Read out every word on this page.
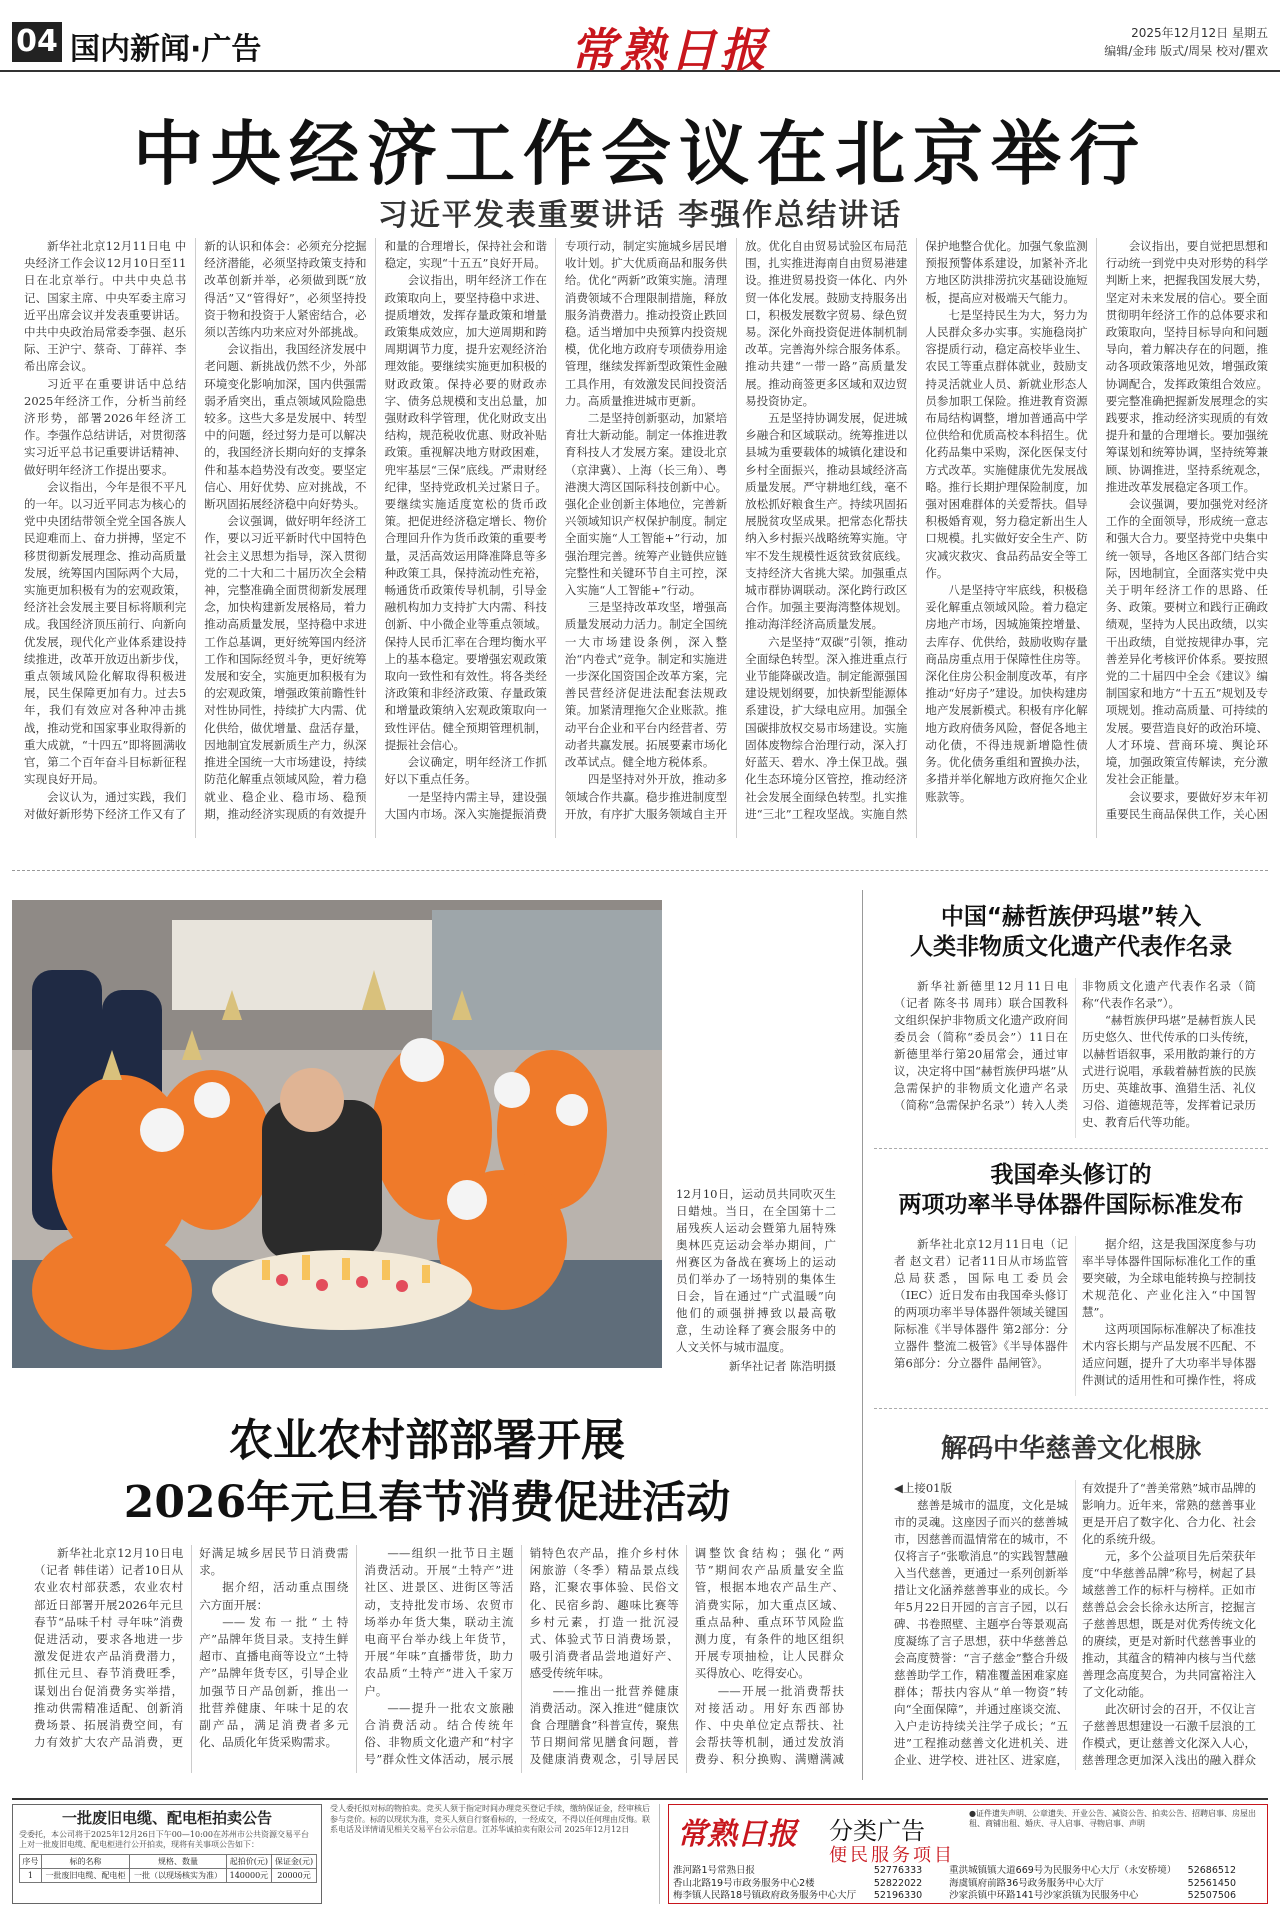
04 国内新闻·广告	常熟日报	2025年12月12日 星期五
编辑/金玮 版式/周杲 校对/瞿欢
中央经济工作会议在北京举行
习近平发表重要讲话 李强作总结讲话

新华社北京12月11日电 中央经济工作会议12月10日至11日在北京举行。中共中央总书记、国家主席、中央军委主席习近平出席会议并发表重要讲话。中共中央政治局常委李强、赵乐际、王沪宁、蔡奇、丁薛祥、李希出席会议。

习近平在重要讲话中总结2025年经济工作，分析当前经济形势，部署2026年经济工作。李强作总结讲话，对贯彻落实习近平总书记重要讲话精神、做好明年经济工作提出要求。

会议指出，今年是很不平凡的一年。以习近平同志为核心的党中央团结带领全党全国各族人民迎难而上、奋力拼搏，坚定不移贯彻新发展理念、推动高质量发展，统筹国内国际两个大局，实施更加积极有为的宏观政策，经济社会发展主要目标将顺利完成。我国经济顶压前行、向新向优发展，现代化产业体系建设持续推进，改革开放迈出新步伐，重点领域风险化解取得积极进展，民生保障更加有力。过去5年，我们有效应对各种冲击挑战，推动党和国家事业取得新的重大成就，“十四五”即将圆满收官，第二个百年奋斗目标新征程实现良好开局。

会议认为，通过实践，我们对做好新形势下经济工作又有了新的认识和体会：必须充分挖掘经济潜能，必须坚持政策支持和改革创新并举，必须做到既“放得活”又“管得好”，必须坚持投资于物和投资于人紧密结合，必须以苦练内功来应对外部挑战。

会议指出，我国经济发展中老问题、新挑战仍然不少，外部环境变化影响加深，国内供强需弱矛盾突出，重点领域风险隐患较多。这些大多是发展中、转型中的问题，经过努力是可以解决的，我国经济长期向好的支撑条件和基本趋势没有改变。要坚定信心、用好优势、应对挑战，不断巩固拓展经济稳中向好势头。

会议强调，做好明年经济工作，要以习近平新时代中国特色社会主义思想为指导，深入贯彻党的二十大和二十届历次全会精神，完整准确全面贯彻新发展理念，加快构建新发展格局，着力推动高质量发展，坚持稳中求进工作总基调，更好统筹国内经济工作和国际经贸斗争，更好统筹发展和安全，实施更加积极有为的宏观政策，增强政策前瞻性针对性协同性，持续扩大内需、优化供给，做优增量、盘活存量，因地制宜发展新质生产力，纵深推进全国统一大市场建设，持续防范化解重点领域风险，着力稳就业、稳企业、稳市场、稳预期，推动经济实现质的有效提升和量的合理增长，保持社会和谐稳定，实现“十五五”良好开局。

会议指出，明年经济工作在政策取向上，要坚持稳中求进、提质增效，发挥存量政策和增量政策集成效应，加大逆周期和跨周期调节力度，提升宏观经济治理效能。要继续实施更加积极的财政政策。保持必要的财政赤字、债务总规模和支出总量，加强财政科学管理，优化财政支出结构，规范税收优惠、财政补贴政策。重视解决地方财政困难，兜牢基层“三保”底线。严肃财经纪律，坚持党政机关过紧日子。要继续实施适度宽松的货币政策。把促进经济稳定增长、物价合理回升作为货币政策的重要考量，灵活高效运用降准降息等多种政策工具，保持流动性充裕，畅通货币政策传导机制，引导金融机构加力支持扩大内需、科技创新、中小微企业等重点领域。保持人民币汇率在合理均衡水平上的基本稳定。要增强宏观政策取向一致性和有效性。将各类经济政策和非经济政策、存量政策和增量政策纳入宏观政策取向一致性评估。健全预期管理机制，提振社会信心。

会议确定，明年经济工作抓好以下重点任务。

一是坚持内需主导，建设强大国内市场。深入实施提振消费专项行动，制定实施城乡居民增收计划。扩大优质商品和服务供给。优化“两新”政策实施。清理消费领域不合理限制措施，释放服务消费潜力。推动投资止跌回稳。适当增加中央预算内投资规模，优化地方政府专项债券用途管理，继续发挥新型政策性金融工具作用，有效激发民间投资活力。高质量推进城市更新。

二是坚持创新驱动，加紧培育壮大新动能。制定一体推进教育科技人才发展方案。建设北京（京津冀）、上海（长三角）、粤港澳大湾区国际科技创新中心。强化企业创新主体地位，完善新兴领域知识产权保护制度。制定全面实施“人工智能+”行动，加强治理完善。统筹产业链供应链完整性和关键环节自主可控，深入实施“人工智能+”行动。

三是坚持改革攻坚，增强高质量发展动力活力。制定全国统一大市场建设条例，深入整治“内卷式”竞争。制定和实施进一步深化国资国企改革方案，完善民营经济促进法配套法规政策。加紧清理拖欠企业账款。推动平台企业和平台内经营者、劳动者共赢发展。拓展要素市场化改革试点。健全地方税体系。

四是坚持对外开放，推动多领域合作共赢。稳步推进制度型开放，有序扩大服务领域自主开放。优化自由贸易试验区布局范围，扎实推进海南自由贸易港建设。推进贸易投资一体化、内外贸一体化发展。鼓励支持服务出口，积极发展数字贸易、绿色贸易。深化外商投资促进体制机制改革。完善海外综合服务体系。推动共建“一带一路”高质量发展。推动商签更多区域和双边贸易投资协定。

五是坚持协调发展，促进城乡融合和区域联动。统筹推进以县城为重要载体的城镇化建设和乡村全面振兴，推动县域经济高质量发展。严守耕地红线，毫不放松抓好粮食生产。持续巩固拓展脱贫攻坚成果。把常态化帮扶纳入乡村振兴战略统筹实施。守牢不发生规模性返贫致贫底线。支持经济大省挑大梁。加强重点城市群协调联动。深化跨行政区合作。加强主要海湾整体规划。推动海洋经济高质量发展。

六是坚持“双碳”引领，推动全面绿色转型。深入推进重点行业节能降碳改造。制定能源强国建设规划纲要，加快新型能源体系建设，扩大绿电应用。加强全国碳排放权交易市场建设。实施固体废物综合治理行动，深入打好蓝天、碧水、净土保卫战。强化生态环境分区管控，推动经济社会发展全面绿色转型。扎实推进“三北”工程攻坚战。实施自然保护地整合优化。加强气象监测预报预警体系建设，加紧补齐北方地区防洪排涝抗灾基础设施短板，提高应对极端天气能力。

七是坚持民生为大，努力为人民群众多办实事。实施稳岗扩容提质行动，稳定高校毕业生、农民工等重点群体就业，鼓励支持灵活就业人员、新就业形态人员参加职工保险。推进教育资源布局结构调整，增加普通高中学位供给和优质高校本科招生。优化药品集中采购，深化医保支付方式改革。实施健康优先发展战略。推行长期护理保险制度，加强对困难群体的关爱帮扶。倡导积极婚育观，努力稳定新出生人口规模。扎实做好安全生产、防灾减灾救灾、食品药品安全等工作。

八是坚持守牢底线，积极稳妥化解重点领域风险。着力稳定房地产市场，因城施策控增量、去库存、优供给，鼓励收购存量商品房重点用于保障性住房等。深化住房公积金制度改革，有序推动“好房子”建设。加快构建房地产发展新模式。积极有序化解地方政府债务风险，督促各地主动化债，不得违规新增隐性债务。优化债务重组和置换办法，多措并举化解地方政府拖欠企业账款等。

会议指出，要自觉把思想和行动统一到党中央对形势的科学判断上来，把握我国发展大势，坚定对未来发展的信心。要全面贯彻明年经济工作的总体要求和政策取向，坚持目标导向和问题导向，着力解决存在的问题，推动各项政策落地见效，增强政策协调配合，发挥政策组合效应。要完整准确把握新发展理念的实践要求，推动经济实现质的有效提升和量的合理增长。要加强统筹谋划和统筹协调，坚持统筹兼顾、协调推进，坚持系统观念，推进改革发展稳定各项工作。

会议强调，要加强党对经济工作的全面领导，形成统一意志和强大合力。要坚持党中央集中统一领导，各地区各部门结合实际，因地制宜，全面落实党中央关于明年经济工作的思路、任务、政策。要树立和践行正确政绩观，坚持为人民出政绩，以实干出政绩，自觉按规律办事，完善差异化考核评价体系。要按照党的二十届四中全会《建议》编制国家和地方“十五五”规划及专项规划。推动高质量、可持续的发展。要营造良好的政治环境、人才环境、营商环境、舆论环境，加强政策宣传解读，充分激发社会正能量。

会议要求，要做好岁末年初重要民生商品保供工作，关心困

12月10日，运动员共同吹灭生日蜡烛。当日，在全国第十二届残疾人运动会暨第九届特殊奥林匹克运动会举办期间，广州赛区为备战在赛场上的运动员们举办了一场特别的集体生日会，旨在通过“广式温暖”向他们的顽强拼搏致以最高敬意，生动诠释了赛会服务中的人文关怀与城市温度。
新华社记者 陈浩明摄
农业农村部部署开展
2026年元旦春节消费促进活动

新华社北京12月10日电（记者 韩佳诺）记者10日从农业农村部获悉，农业农村部近日部署开展2026年元旦春节“品味千村 寻年味”消费促进活动，要求各地进一步激发促进农产品消费潜力，抓住元旦、春节消费旺季，谋划出台促消费务实举措，推动供需精准适配、创新消费场景、拓展消费空间，有力有效扩大农产品消费，更好满足城乡居民节日消费需求。

据介绍，活动重点围绕六方面开展：

——发布一批“土特产”品牌年货目录。支持生鲜超市、直播电商等设立“土特产”品牌年货专区，引导企业加强节日产品创新，推出一批营养健康、年味十足的农副产品，满足消费者多元化、品质化年货采购需求。

——组织一批节日主题消费活动。开展“土特产”进社区、进景区、进街区等活动，支持批发市场、农贸市场举办年货大集，联动主流电商平台举办线上年货节，开展“年味”直播带货，助力农品质“土特产”进入千家万户。

——提升一批农文旅融合消费活动。结合传统年俗、非物质文化遗产和“村字号”群众性文体活动，展示展销特色农产品，推介乡村休闲旅游（冬季）精品景点线路，汇聚农事体验、民俗文化、民宿乡韵、趣味比赛等乡村元素，打造一批沉浸式、体验式节日消费场景，吸引消费者品尝地道好产、感受传统年味。

——推出一批营养健康消费活动。深入推进“健康饮食 合理膳食”科普宣传，聚焦节日期间常见膳食问题，普及健康消费观念，引导居民调整饮食结构；强化“两节”期间农产品质量安全监管，根据本地农产品生产、消费实际，加大重点区域、重点品种、重点环节风险监测力度，有条件的地区组织开展专项抽检，让人民群众买得放心、吃得安心。

——开展一批消费帮扶对接活动。用好东西部协作、中央单位定点帮扶、社会帮扶等机制，通过发放消费券、积分换购、满赠满减

中国“赫哲族伊玛堪”转入
人类非物质文化遗产代表作名录

新华社新德里12月11日电（记者 陈冬书 周玮）联合国教科文组织保护非物质文化遗产政府间委员会（简称“委员会”）11日在新德里举行第20届常会，通过审议，决定将中国“赫哲族伊玛堪”从急需保护的非物质文化遗产名录（简称“急需保护名录”）转入人类非物质文化遗产代表作名录（简称“代表作名录”）。

“赫哲族伊玛堪”是赫哲族人民历史悠久、世代传承的口头传统，以赫哲语叙事，采用散韵兼行的方式进行说唱，承载着赫哲族的民族历史、英雄故事、渔猎生活、礼仪习俗、道德规范等，发挥着记录历史、教育后代等功能。

我国牵头修订的
两项功率半导体器件国际标准发布

新华社北京12月11日电（记者 赵文君）记者11日从市场监管总局获悉，国际电工委员会（IEC）近日发布由我国牵头修订的两项功率半导体器件领域关键国际标准《半导体器件 第2部分：分立器件 整流二极管》《半导体器件 第6部分：分立器件 晶闸管》。

据介绍，这是我国深度参与功率半导体器件国际标准化工作的重要突破，为全球电能转换与控制技术规范化、产业化注入“中国智慧”。

这两项国际标准解决了标准技术内容长期与产品发展不匹配、不适应问题，提升了大功率半导体器件测试的适用性和可操作性，将成

解码中华慈善文化根脉

◀上接01版

慈善是城市的温度，文化是城市的灵魂。这座因子而兴的慈善城市，因慈善而温情常在的城市，不仅将言子“张歌消息”的实践智慧融入当代慈善，更通过一系列创新举措让文化涵养慈善事业的成长。今年5月22日开园的言言子园，以石碑、书卷照壁、主题亭台等景观高度凝练了言子思想，获中华慈善总会高度赞誉：“言子慈金”整合升级慈善助学工作，精准覆盖困难家庭群体；帮扶内容从“单一物资”转向“全面保障”，并通过座谈交流、入户走访持续关注学子成长；“五进”工程推动慈善文化进机关、进企业、进学校、进社区、进家庭，有效提升了“善美常熟”城市品牌的影响力。近年来，常熟的慈善事业更是开启了数字化、合力化、社会化的系统升级。

元，多个公益项目先后荣获年度“中华慈善品牌”称号，树起了县域慈善工作的标杆与榜样。正如市慈善总会会长徐永达所言，挖掘言子慈善思想，既是对优秀传统文化的赓续，更是对新时代慈善事业的推动，其蕴含的精神内核与当代慈善理念高度契合，为共同富裕注入了文化动能。

此次研讨会的召开，不仅让言子慈善思想建设一石激千层浪的工作模式，更让慈善文化深入人心，慈善理念更加深入浅出的融入群众

一批废旧电缆、配电柜拍卖公告
受委托，本公司将于2025年12月26日下午00—10:00在苏州市公共资源交易平台上对一批废旧电缆、配电柜进行公开拍卖，现将有关事项公告如下：
序号	标的名称	规格、数量	起拍价(元)	保证金(元)
1	一批废旧电缆、配电柜	一批（以现场核实为准）	140000元	20000元
受人委托拟对标的物拍卖。竞买人须于指定时间办理竞买登记手续，缴纳保证金，经审核后参与竞价。标的以现状为准，竞买人须自行察看标的，一经成交，不得以任何理由反悔。联系电话及详情请见相关交易平台公示信息。江苏华诚拍卖有限公司 2025年12月12日	常熟日报 分类广告
便民服务项目
●证件遗失声明、公章遗失、开业公告、减资公告、拍卖公告、招聘启事、房屋出租、商铺出租、婚庆、寻人启事、寻物启事、声明
淮河路1号常熟日报	52776333	重洪城镇镇大道669号为民服务中心大厅（永安桥境）	52686512
香山北路19号市政务服务中心2楼	52822022	海虞镇府前路36号政务服务中心大厅	52561450
梅李镇人民路18号镇政府政务服务中心大厅	52196330	沙家浜镇中环路141号沙家浜镇为民服务中心	52507506
